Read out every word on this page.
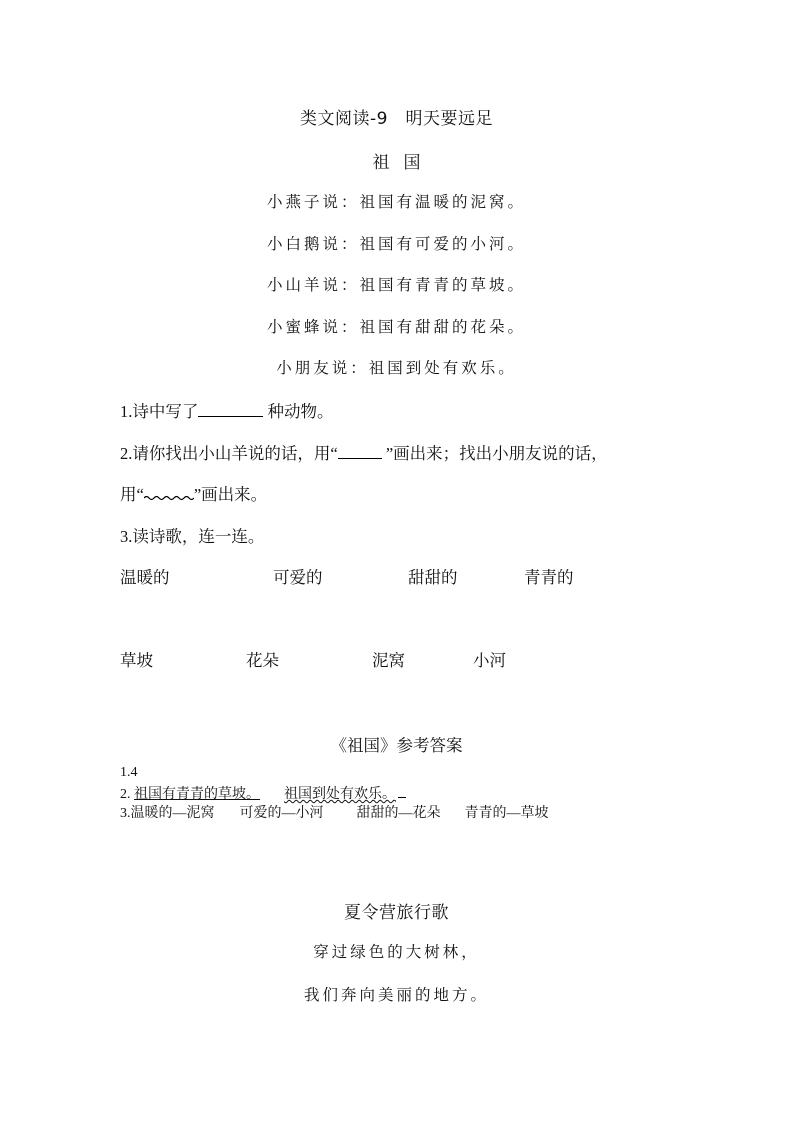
类文阅读-9　明天要远足
祖国
小燕子说：祖国有温暖的泥窝。
小白鹅说：祖国有可爱的小河。
小山羊说：祖国有青青的草坡。
小蜜蜂说：祖国有甜甜的花朵。
小朋友说：祖国到处有欢乐。
1.诗中写了	种动物。
2.请你找出小山羊说的话，用“	”画出来；找出小朋友说的话，
用“	”画出来。
3.读诗歌，连一连。
温暖的	可爱的	甜甜的	青青的
草坡	花朵	泥窝	小河
《祖国》参考答案
1.4
2. 祖国有青青的草坡。 祖国到处有欢乐。
3.温暖的—泥窝 可爱的—小河 甜甜的—花朵 青青的—草坡
夏令营旅行歌
穿过绿色的大树林，
我们奔向美丽的地方。
